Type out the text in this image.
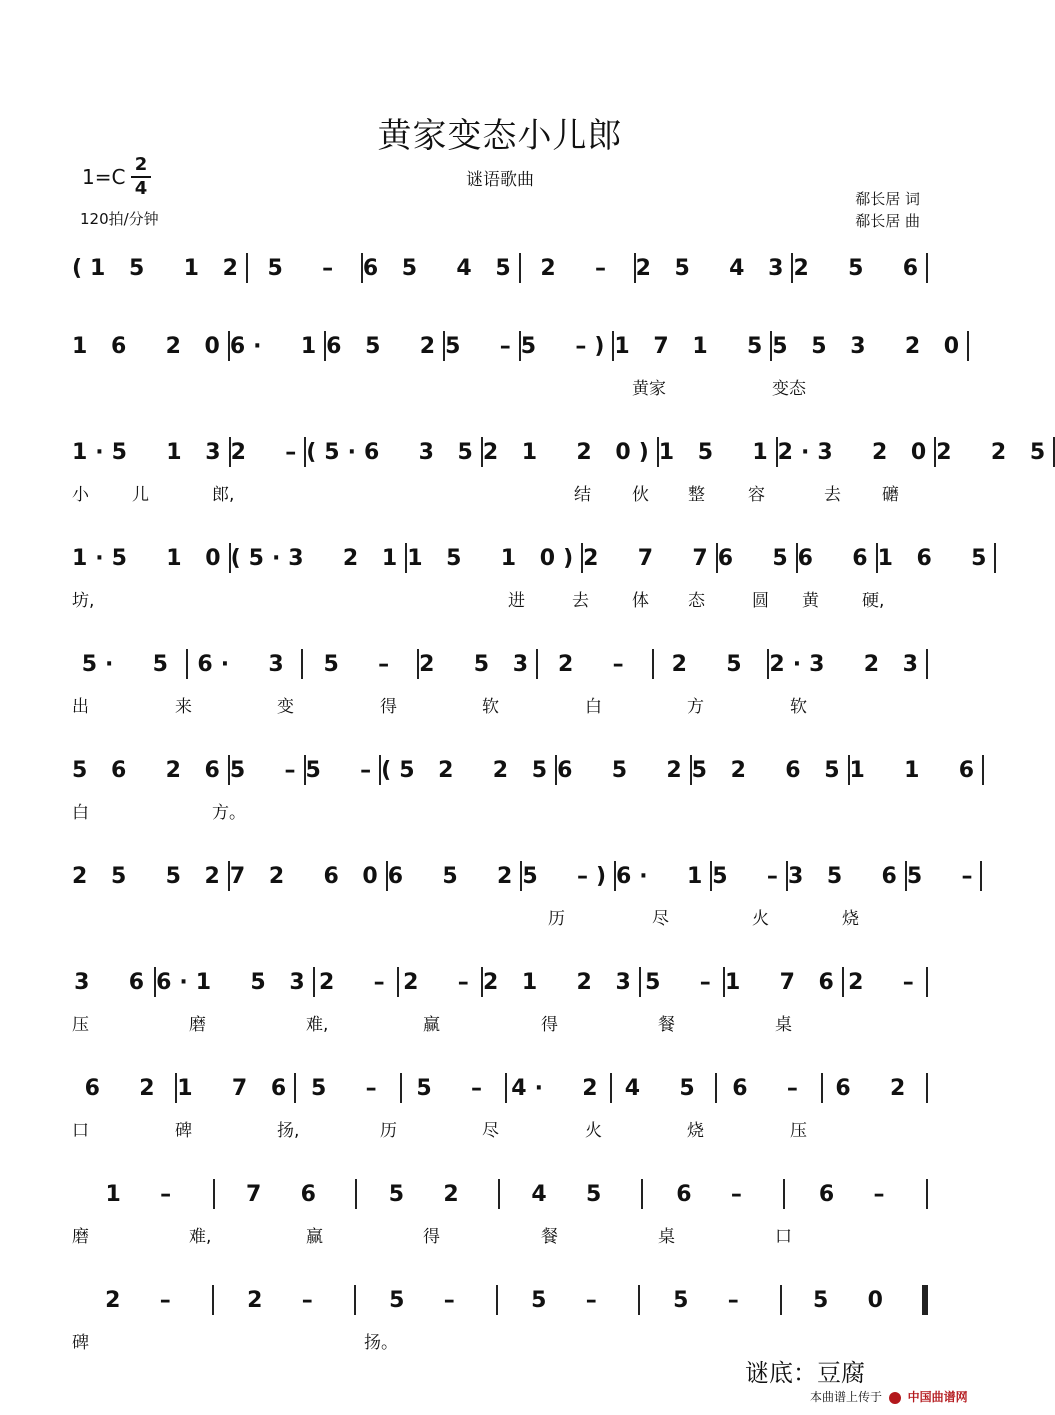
黄家变态小儿郎
谜语歌曲
1=C
2
4
120拍/分钟
郗长居 词
郗长居 曲
(1 5  1 2 5  – 6 5  4 5 2  – 2 5  4 3 2  5  6
1 6  2 0 6·  1 6 5  2 5  – 5  –) 1 7 1  5 5 5 3  2 0
黄家	变态
1·5  1 3 2  – (5·6  3 5 2 1  2 0) 1 5  1 2·3  2 0 2  2 5
小	儿	郎,	结 伙 整	容	去 礳
1·5  1 0 (5·3  2 1 1 5  1 0) 2  7  7 6  5 6  6 1 6  5
坊,	进	去	体 态	圆 黄	硬,
5·  5 6·  3	5  –	2  5 3	2  –	2  5 2·3  2 3
出	来	变	得	软	白	方	软
5 6  2 6 5  – 5  – (5 2  2 5 6  5  2 5 2  6 5 1  1  6
白	方。
2 5  5 2 7 2  6 0 6  5  2 5  –) 6·  1 5  – 3 5  6 5  –
历	尽	火	烧
3  6 6·1  5 3 2  – 2  – 2 1  2 3 5  – 1  7 6 2  –
压	磨	难,	赢	得	餐	桌
6  2 1  7 6 5  –	5  – 4·  2 4  5	6  –	6  2
口	碑	扬,	历	尽	火	烧	压
1  –	7  6	5  2	4  5	6  –	6  –
磨	难,	赢	得	餐	桌	口
2  –	2  –	5  –	5  –	5  –	5  0
碑	扬。
谜底：豆腐
本曲谱上传于 中国曲谱网
